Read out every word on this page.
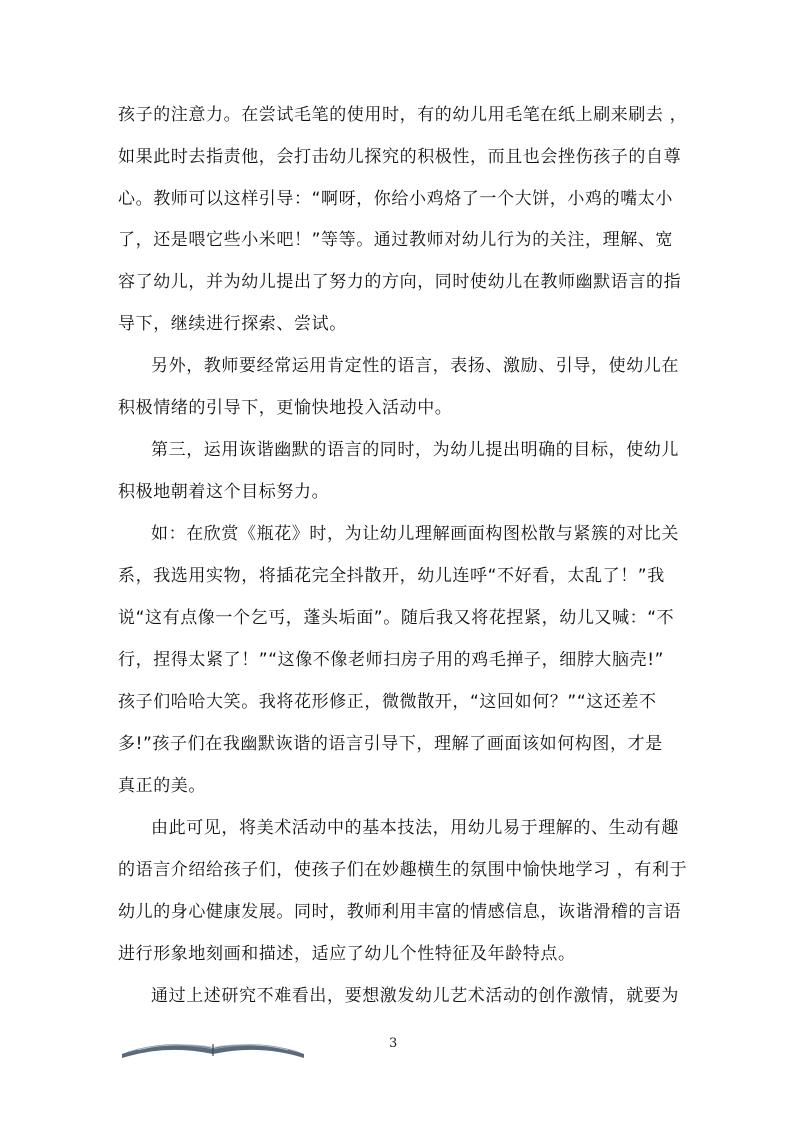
孩子的注意力。在尝试毛笔的使用时，有的幼儿用毛笔在纸上刷来刷去 ，
如果此时去指责他，会打击幼儿探究的积极性，而且也会挫伤孩子的自尊
心。教师可以这样引导：“啊呀，你给小鸡烙了一个大饼，小鸡的嘴太小
了，还是喂它些小米吧！”等等。通过教师对幼儿行为的关注，理解、宽
容了幼儿，并为幼儿提出了努力的方向，同时使幼儿在教师幽默语言的指
导下，继续进行探索、尝试。
另外，教师要经常运用肯定性的语言，表扬、激励、引导，使幼儿在
积极情绪的引导下，更愉快地投入活动中。
第三，运用诙谐幽默的语言的同时，为幼儿提出明确的目标，使幼儿
积极地朝着这个目标努力。
如：在欣赏《瓶花》时，为让幼儿理解画面构图松散与紧簇的对比关
系，我选用实物，将插花完全抖散开，幼儿连呼“不好看，太乱了！”我
说“这有点像一个乞丐，蓬头垢面”。随后我又将花捏紧，幼儿又喊：“不
行，捏得太紧了！”“这像不像老师扫房子用的鸡毛掸子，细脖大脑壳!”
孩子们哈哈大笑。我将花形修正，微微散开，“这回如何？”“这还差不
多!”孩子们在我幽默诙谐的语言引导下，理解了画面该如何构图，才是
真正的美。
由此可见，将美术活动中的基本技法，用幼儿易于理解的、生动有趣
的语言介绍给孩子们，使孩子们在妙趣横生的氛围中愉快地学习 ，有利于
幼儿的身心健康发展。同时，教师利用丰富的情感信息，诙谐滑稽的言语
进行形象地刻画和描述，适应了幼儿个性特征及年龄特点。
通过上述研究不难看出，要想激发幼儿艺术活动的创作激情，就要为
3
